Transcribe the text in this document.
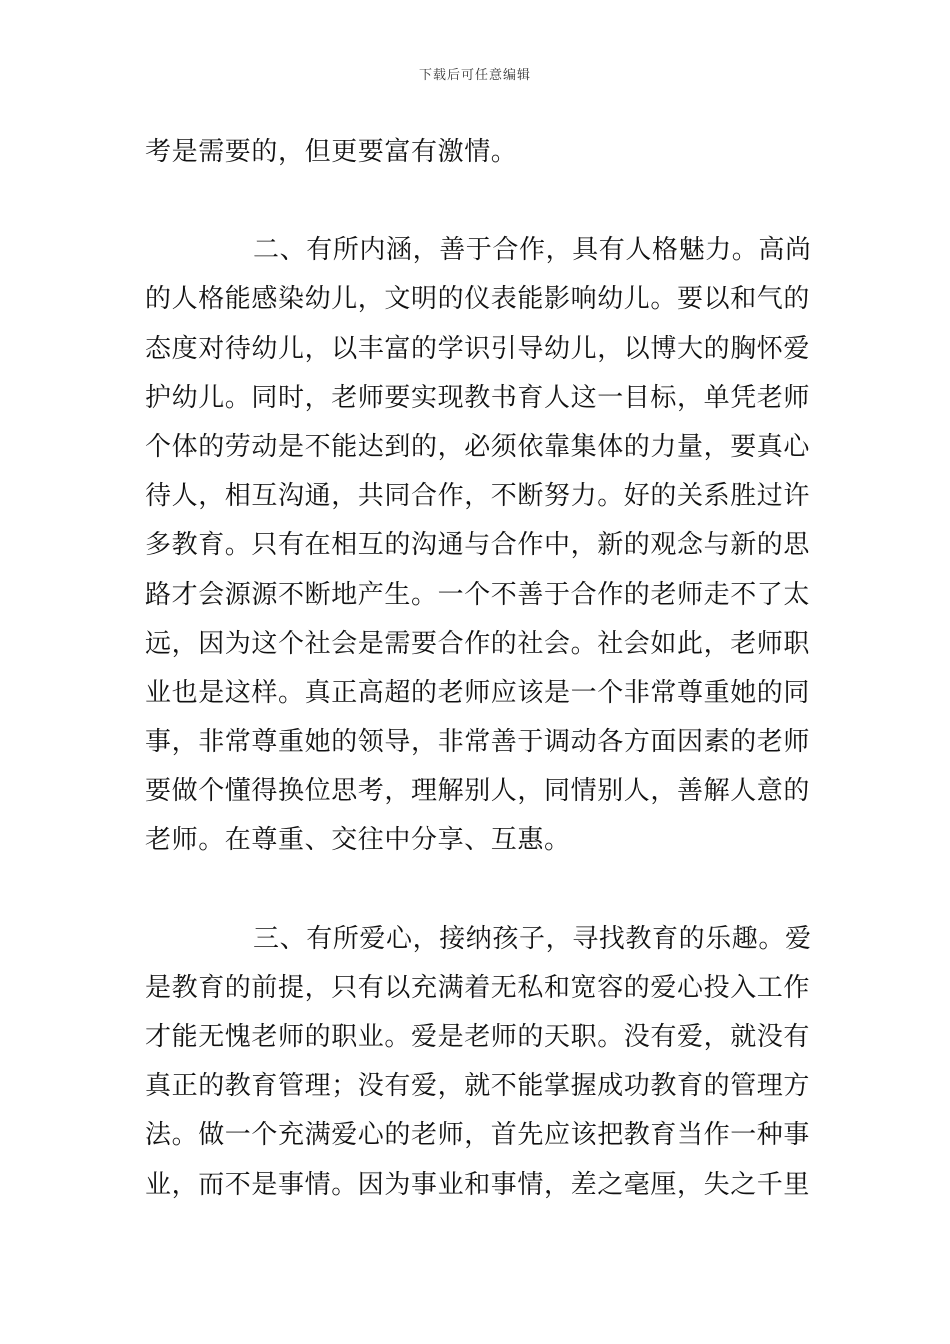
下载后可任意编辑
考是需要的，但更要富有激情。
二、有所内涵，善于合作，具有人格魅力。高尚
的人格能感染幼儿，文明的仪表能影响幼儿。要以和气的
态度对待幼儿，以丰富的学识引导幼儿，以博大的胸怀爱
护幼儿。同时，老师要实现教书育人这一目标，单凭老师
个体的劳动是不能达到的，必须依靠集体的力量，要真心
待人，相互沟通，共同合作，不断努力。好的关系胜过许
多教育。只有在相互的沟通与合作中，新的观念与新的思
路才会源源不断地产生。一个不善于合作的老师走不了太
远，因为这个社会是需要合作的社会。社会如此，老师职
业也是这样。真正高超的老师应该是一个非常尊重她的同
事，非常尊重她的领导，非常善于调动各方面因素的老师
要做个懂得换位思考，理解别人，同情别人，善解人意的
老师。在尊重、交往中分享、互惠。
三、有所爱心，接纳孩子，寻找教育的乐趣。爱
是教育的前提，只有以充满着无私和宽容的爱心投入工作
才能无愧老师的职业。爱是老师的天职。没有爱，就没有
真正的教育管理；没有爱，就不能掌握成功教育的管理方
法。做一个充满爱心的老师，首先应该把教育当作一种事
业，而不是事情。因为事业和事情，差之毫厘，失之千里
